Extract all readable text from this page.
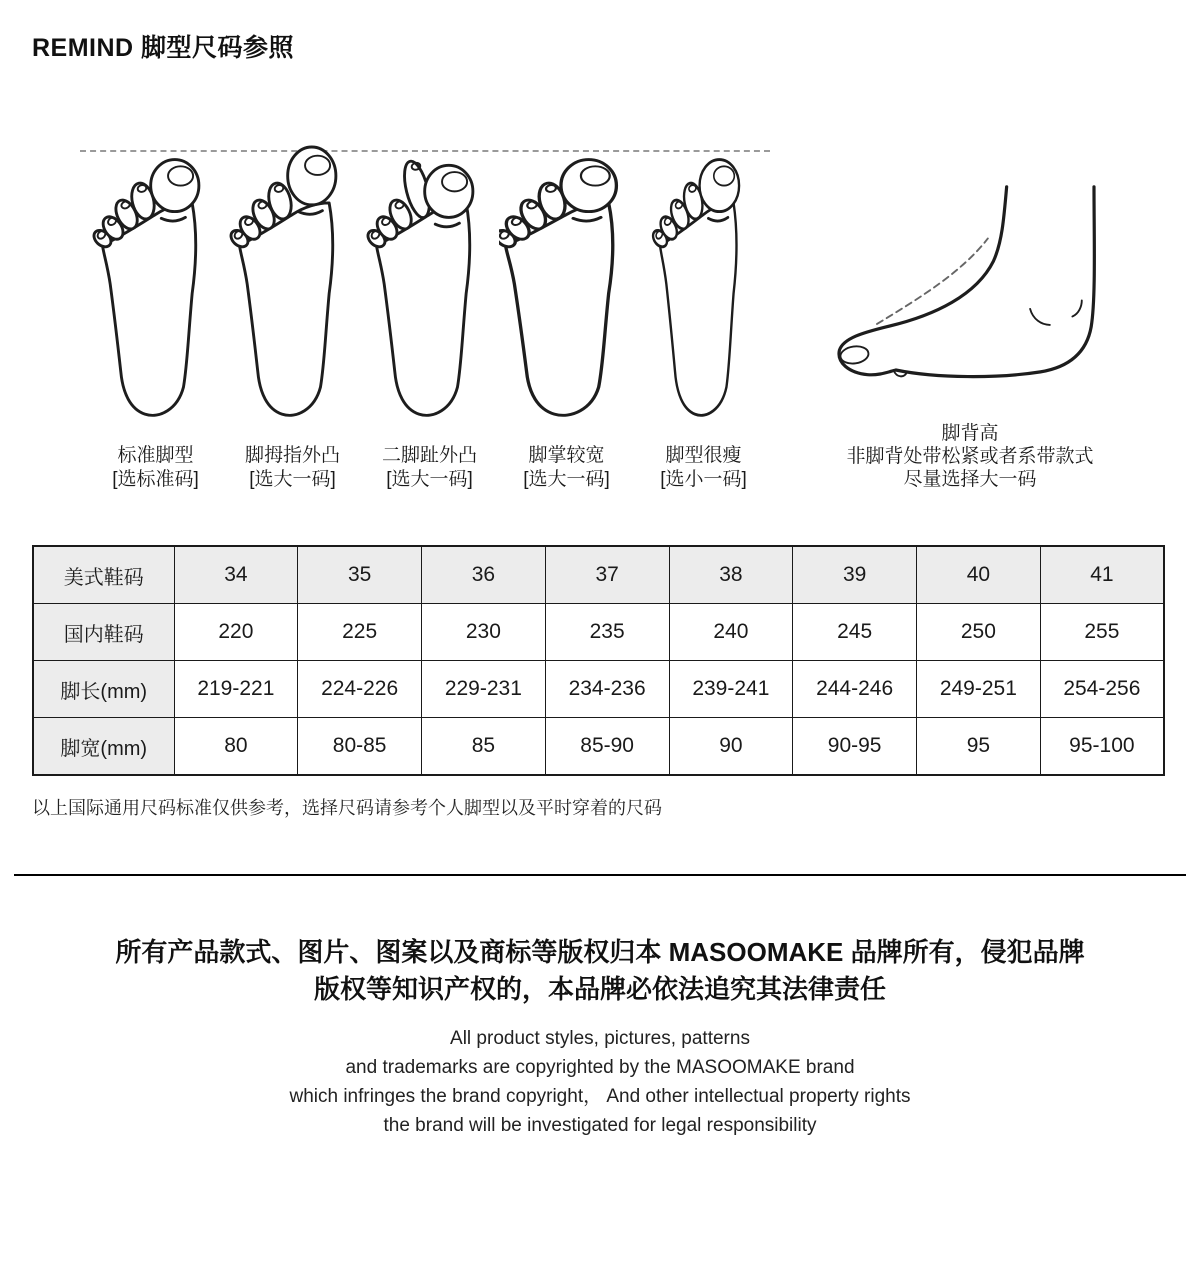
REMIND 脚型尺码参照
标准脚型
[选标准码]
脚拇指外凸
[选大一码]
二脚趾外凸
[选大一码]
脚掌较宽
[选大一码]
脚型很瘦
[选小一码]
脚背高
非脚背处带松紧或者系带款式
尽量选择大一码
美式鞋码	34	35	36	37	38	39	40	41
国内鞋码	220	225	230	235	240	245	250	255
脚长(mm)	219-221	224-226	229-231	234-236	239-241	244-246	249-251	254-256
脚宽(mm)	80	80-85	85	85-90	90	90-95	95	95-100
以上国际通用尺码标准仅供参考，选择尺码请参考个人脚型以及平时穿着的尺码
所有产品款式、图片、图案以及商标等版权归本 MASOOMAKE 品牌所有，侵犯品牌
版权等知识产权的，本品牌必依法追究其法律责任
All product styles, pictures, patterns
and trademarks are copyrighted by the MASOOMAKE brand
which infringes the brand copyright， And other intellectual property rights
the brand will be investigated for legal responsibility
